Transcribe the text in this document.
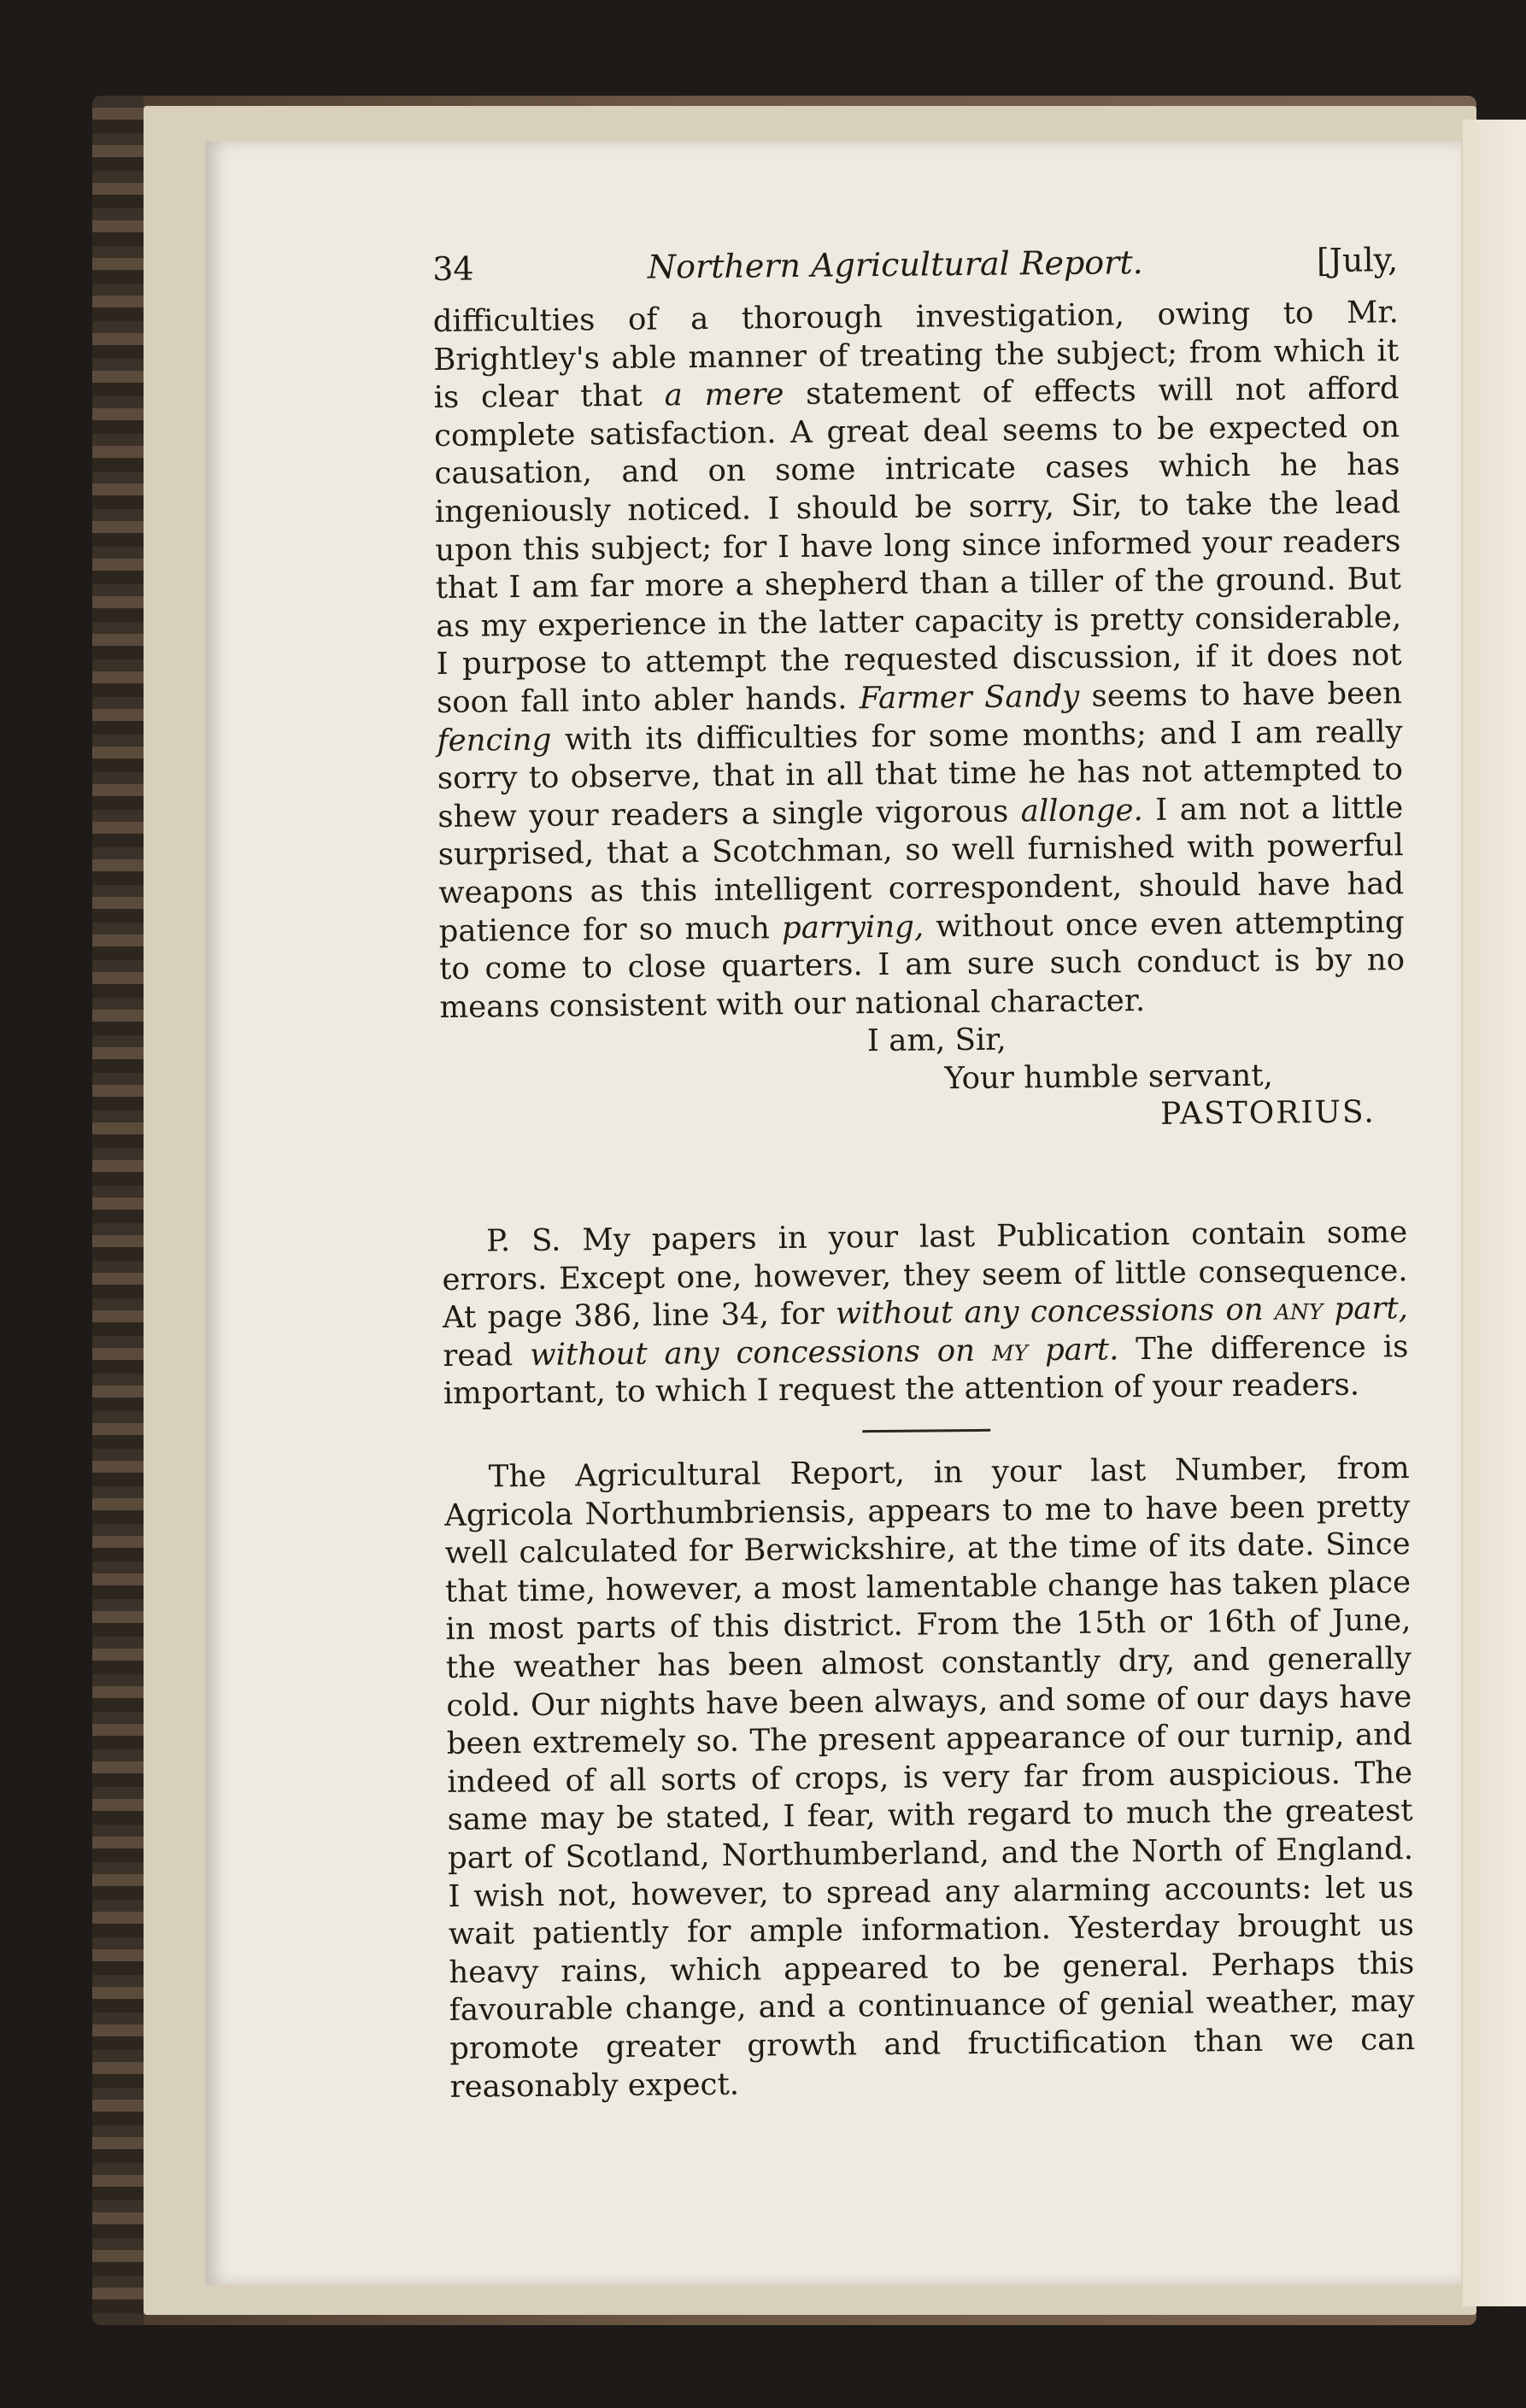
34	Northern Agricultural Report.	[July,

difficulties of a thorough investigation, owing to Mr. Brightley's able manner of treating the subject; from which it is clear that a mere statement of effects will not afford complete satisfaction. A great deal seems to be expected on causation, and on some intricate cases which he has ingeniously noticed. I should be sorry, Sir, to take the lead upon this subject; for I have long since informed your readers that I am far more a shepherd than a tiller of the ground. But as my experience in the latter capacity is pretty considerable, I purpose to attempt the requested discussion, if it does not soon fall into abler hands. Farmer Sandy seems to have been fencing with its difficulties for some months; and I am really sorry to observe, that in all that time he has not attempted to shew your readers a single vigorous allonge. I am not a little surprised, that a Scotchman, so well furnished with powerful weapons as this intelligent correspondent, should have had patience for so much parrying, without once even attempting to come to close quarters. I am sure such conduct is by no means consistent with our national character.

I am, Sir,
Your humble servant,
PASTORIUS.

P. S. My papers in your last Publication contain some errors. Except one, however, they seem of little consequence. At page 386, line 34, for without any concessions on any part, read without any concessions on my part. The difference is important, to which I request the attention of your readers.

The Agricultural Report, in your last Number, from Agricola Northumbriensis, appears to me to have been pretty well calculated for Berwickshire, at the time of its date. Since that time, however, a most lamentable change has taken place in most parts of this district. From the 15th or 16th of June, the weather has been almost constantly dry, and generally cold. Our nights have been always, and some of our days have been extremely so. The present appearance of our turnip, and indeed of all sorts of crops, is very far from auspicious. The same may be stated, I fear, with regard to much the greatest part of Scotland, Northumberland, and the North of England. I wish not, however, to spread any alarming accounts: let us wait patiently for ample information. Yesterday brought us heavy rains, which appeared to be general. Perhaps this favourable change, and a continuance of genial weather, may promote greater growth and fructification than we can reasonably expect.
